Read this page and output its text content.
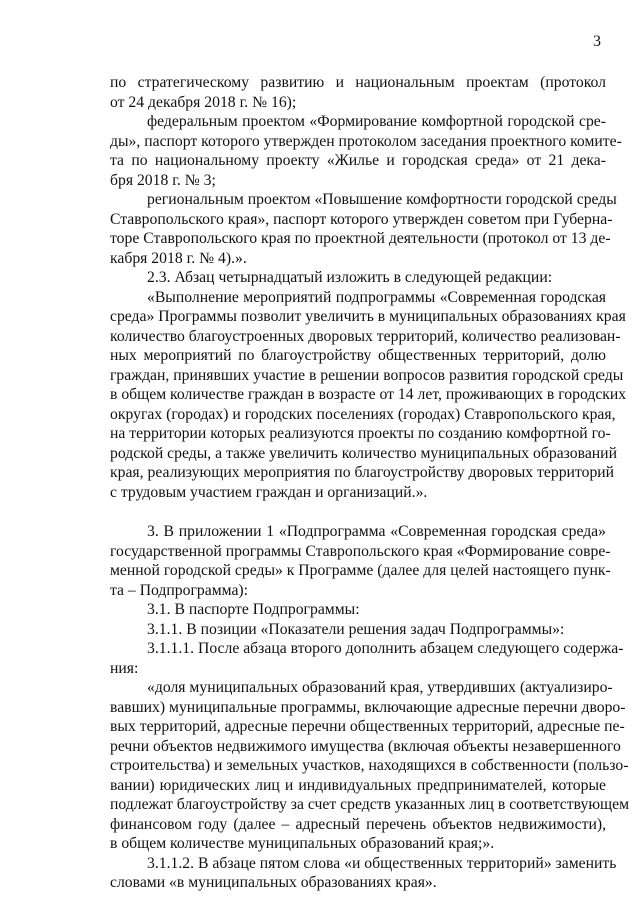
3
по стратегическому развитию и национальным проектам (протокол
от 24 декабря 2018 г. № 16);
федеральным проектом «Формирование комфортной городской сре-
ды», паспорт которого утвержден протоколом заседания проектного комите-
та по национальному проекту «Жилье и городская среда» от 21 дека-
бря 2018 г. № 3;
региональным проектом «Повышение комфортности городской среды
Ставропольского края», паспорт которого утвержден советом при Губерна-
торе Ставропольского края по проектной деятельности (протокол от 13 де-
кабря 2018 г. № 4).».
2.3. Абзац четырнадцатый изложить в следующей редакции:
«Выполнение мероприятий подпрограммы «Современная городская
среда» Программы позволит увеличить в муниципальных образованиях края
количество благоустроенных дворовых территорий, количество реализован-
ных мероприятий по благоустройству общественных территорий, долю
граждан, принявших участие в решении вопросов развития городской среды
в общем количестве граждан в возрасте от 14 лет, проживающих в городских
округах (городах) и городских поселениях (городах) Ставропольского края,
на территории которых реализуются проекты по созданию комфортной го-
родской среды, а также увеличить количество муниципальных образований
края, реализующих мероприятия по благоустройству дворовых территорий
с трудовым участием граждан и организаций.».
3. В приложении 1 «Подпрограмма «Современная городская среда»
государственной программы Ставропольского края «Формирование совре-
менной городской среды» к Программе (далее для целей настоящего пунк-
та – Подпрограмма):
3.1. В паспорте Подпрограммы:
3.1.1. В позиции «Показатели решения задач Подпрограммы»:
3.1.1.1. После абзаца второго дополнить абзацем следующего содержа-
ния:
«доля муниципальных образований края, утвердивших (актуализиро-
вавших) муниципальные программы, включающие адресные перечни дворо-
вых территорий, адресные перечни общественных территорий, адресные пе-
речни объектов недвижимого имущества (включая объекты незавершенного
строительства) и земельных участков, находящихся в собственности (пользо-
вании) юридических лиц и индивидуальных предпринимателей, которые
подлежат благоустройству за счет средств указанных лиц в соответствующем
финансовом году (далее – адресный перечень объектов недвижимости),
в общем количестве муниципальных образований края;».
3.1.1.2. В абзаце пятом слова «и общественных территорий» заменить
словами «в муниципальных образованиях края».
